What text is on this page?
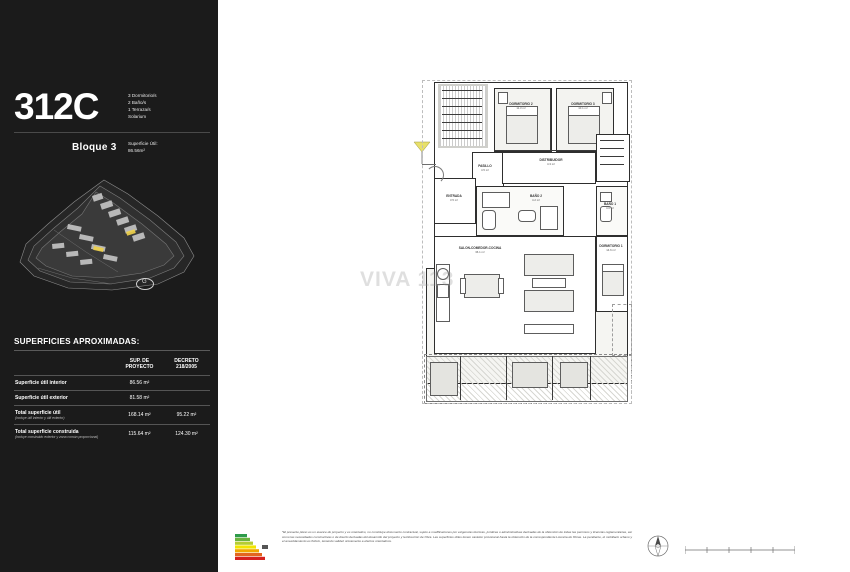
312C
Bloque 3
3 Dormitorio/s
2 Baño/s
1 Terraza/s
Solarium
Superficie Útil:
86.56m²
G
SUPERFICIES APROXIMADAS:
	SUP. DE PROYECTO	DECRETO 218/2005
Superficie útil interior	86.56 m²	
Superficie útil exterior	81.58 m²	
Total superficie útil
(incluye útil interior y útil exterior)	168.14 m²	95.22 m²
Total superficie construida
(incluye construido exterior y zona común proporcional)	115.64 m²	124.30 m²
DORMITORIO 2
11.3 m²
DORMITORIO 3
10.1 m²
PASILLO
4.5 m²
ENTRADA
3.5 m²
DISTRIBUIDOR
4.3 m²
BAÑO 2
4.2 m²
BAÑO 1
4.6 m²
SALON-COMEDOR-COCINA
36.1 m²
DORMITORIO 1
14.6 m²
VIVA 113
*El presente plano es un avance de proyecto y es orientativo, no constituye documento contractual, sujeto a modificaciones por exigencias técnicas, jurídicas o administrativas derivadas de la obtención de todas las permisos y licencias reglamentarias, así como las necesidades constructivas o de diseño derivadas del desarrollo del proyecto y la Dirección de Obra. Las superficies útiles tienen carácter provisional hasta la obtención de la correspondiente Licencia de Obras. La pendiente, el mobiliario urbano y el amueblamiento es ficticio, teniendo validez únicamente a efectos orientativos.
